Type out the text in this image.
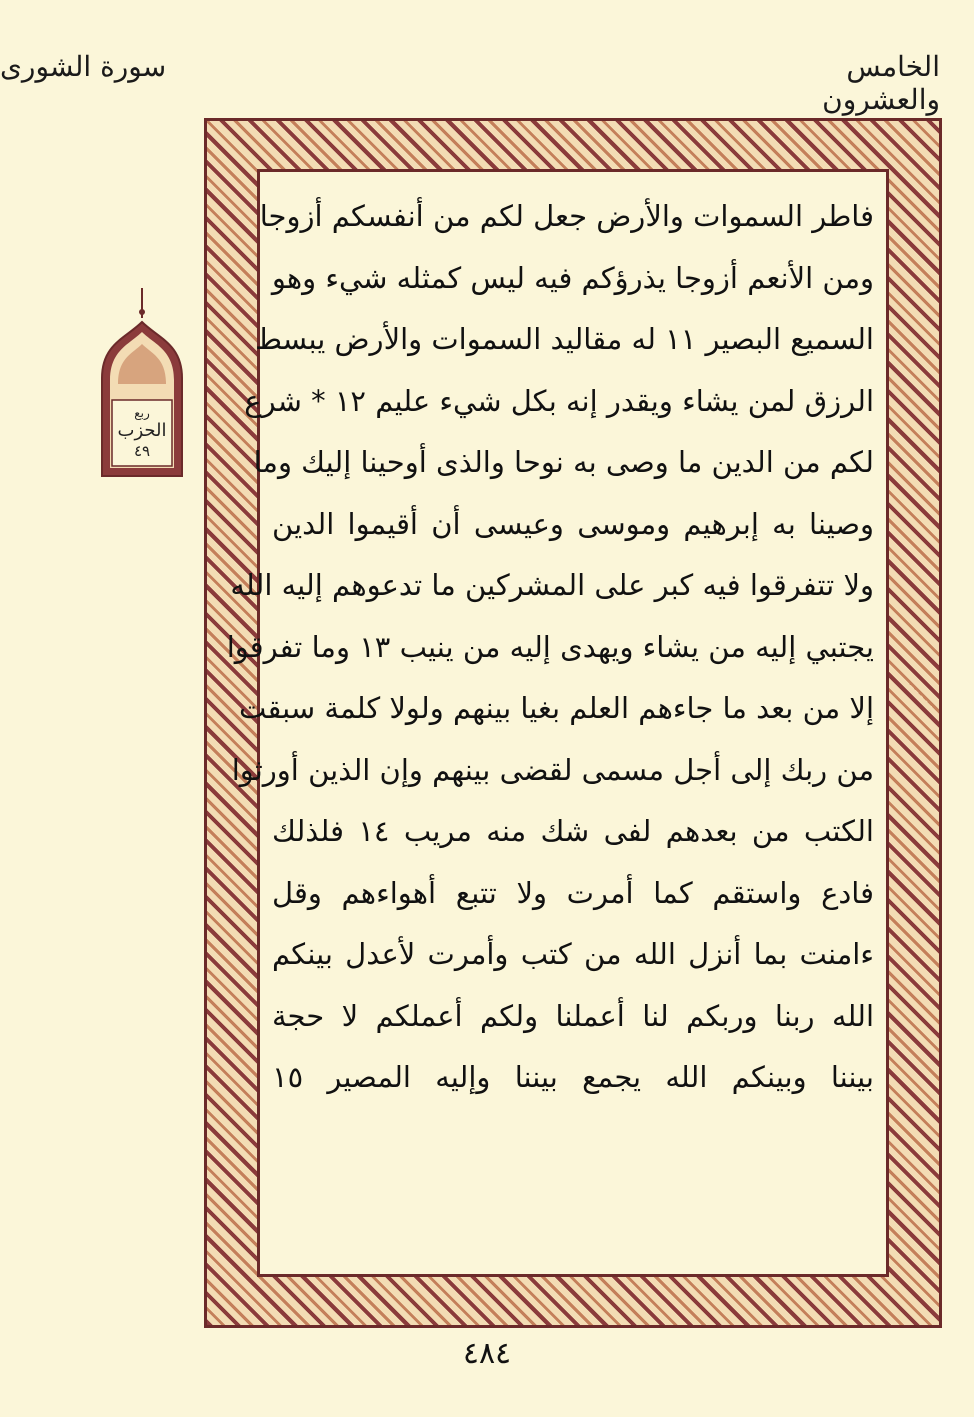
الخامس والعشرون
سورة الشورى
ربع
الحزب
٤٩
فاطر السموات والأرض جعل لكم من أنفسكم أزوجا
ومن الأنعم أزوجا يذرؤكم فيه ليس كمثله شيء وهو
السميع البصير ١١ له مقاليد السموات والأرض يبسط
الرزق لمن يشاء ويقدر إنه بكل شيء عليم ١٢ * شرع
لكم من الدين ما وصى به نوحا والذى أوحينا إليك وما
وصينا به إبرهيم وموسى وعيسى أن أقيموا الدين
ولا تتفرقوا فيه كبر على المشركين ما تدعوهم إليه الله
يجتبي إليه من يشاء ويهدى إليه من ينيب ١٣ وما تفرقوا
إلا من بعد ما جاءهم العلم بغيا بينهم ولولا كلمة سبقت
من ربك إلى أجل مسمى لقضى بينهم وإن الذين أورثوا
الكتب من بعدهم لفى شك منه مريب ١٤ فلذلك
فادع واستقم كما أمرت ولا تتبع أهواءهم وقل
ءامنت بما أنزل الله من كتب وأمرت لأعدل بينكم
الله ربنا وربكم لنا أعملنا ولكم أعملكم لا حجة
بيننا وبينكم الله يجمع بيننا وإليه المصير ١٥
٤٨٤
